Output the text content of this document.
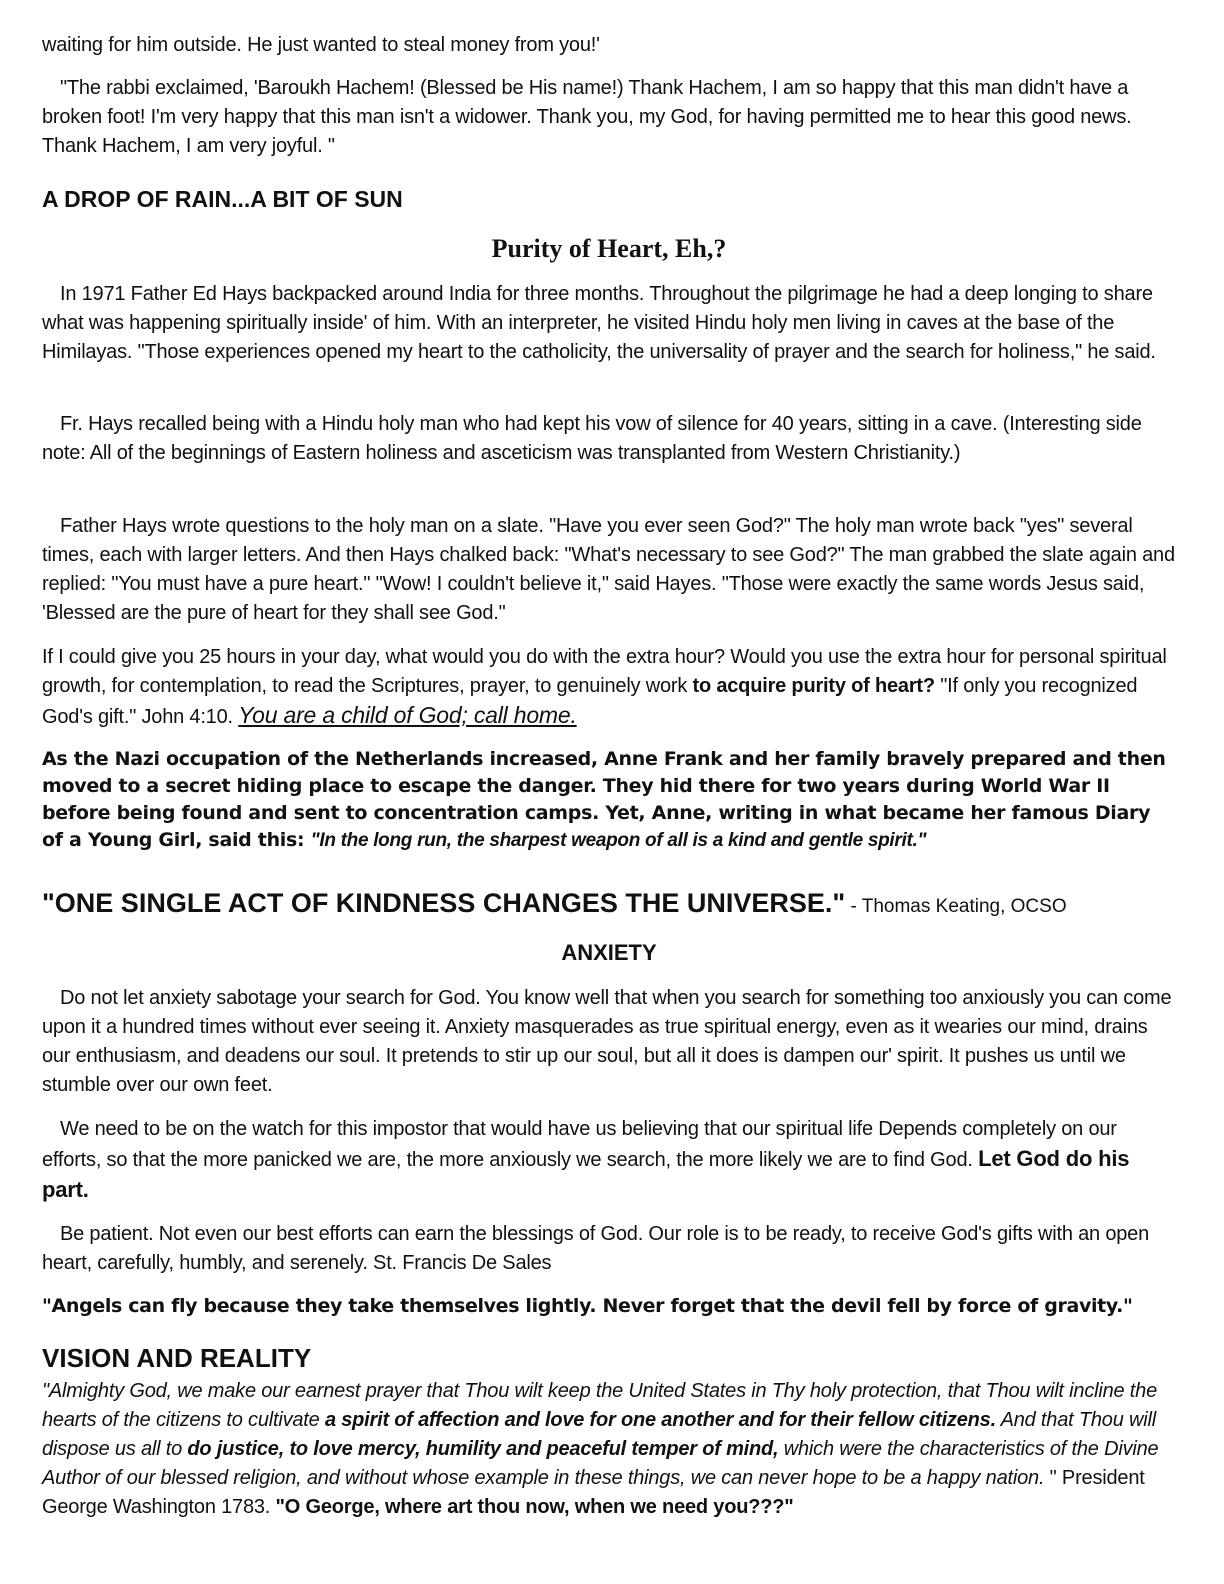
waiting for him outside. He just wanted to steal money from you!'

"The rabbi exclaimed, 'Baroukh Hachem! (Blessed be His name!) Thank Hachem, I am so happy that this man didn't have a broken foot! I'm very happy that this man isn't a widower. Thank you, my God, for having permitted me to hear this good news. Thank Hachem, I am very joyful. "

A DROP OF RAIN...A BIT OF SUN

Purity of Heart, Eh,?

In 1971 Father Ed Hays backpacked around India for three months. Throughout the pilgrimage he had a deep longing to share what was happening spiritually inside' of him. With an interpreter, he visited Hindu holy men living in caves at the base of the Himilayas. "Those experiences opened my heart to the catholicity, the universality of prayer and the search for holiness," he said.

Fr. Hays recalled being with a Hindu holy man who had kept his vow of silence for 40 years, sitting in a cave. (Interesting side note: All of the beginnings of Eastern holiness and asceticism was transplanted from Western Christianity.)

Father Hays wrote questions to the holy man on a slate. "Have you ever seen God?" The holy man wrote back "yes" several times, each with larger letters. And then Hays chalked back: "What's necessary to see God?" The man grabbed the slate again and replied: "You must have a pure heart." "Wow! I couldn't believe it," said Hayes. "Those were exactly the same words Jesus said, 'Blessed are the pure of heart for they shall see God."

If I could give you 25 hours in your day, what would you do with the extra hour? Would you use the extra hour for personal spiritual growth, for contemplation, to read the Scriptures, prayer, to genuinely work to acquire purity of heart? "If only you recognized God's gift." John 4:10. You are a child of God; call home.

As the Nazi occupation of the Netherlands increased, Anne Frank and her family bravely prepared and then moved to a secret hiding place to escape the danger. They hid there for two years during World War II before being found and sent to concentration camps. Yet, Anne, writing in what became her famous Diary of a Young Girl, said this: "In the long run, the sharpest weapon of all is a kind and gentle spirit."

"ONE SINGLE ACT OF KINDNESS CHANGES THE UNIVERSE." - Thomas Keating, OCSO

ANXIETY

Do not let anxiety sabotage your search for God. You know well that when you search for something too anxiously you can come upon it a hundred times without ever seeing it. Anxiety masquerades as true spiritual energy, even as it wearies our mind, drains our enthusiasm, and deadens our soul. It pretends to stir up our soul, but all it does is dampen our' spirit. It pushes us until we stumble over our own feet.

We need to be on the watch for this impostor that would have us believing that our spiritual life Depends completely on our efforts, so that the more panicked we are, the more anxiously we search, the more likely we are to find God. Let God do his part.

Be patient. Not even our best efforts can earn the blessings of God. Our role is to be ready, to receive God's gifts with an open heart, carefully, humbly, and serenely. St. Francis De Sales

"Angels can fly because they take themselves lightly. Never forget that the devil fell by force of gravity."

VISION AND REALITY

"Almighty God, we make our earnest prayer that Thou wilt keep the United States in Thy holy protection, that Thou wilt incline the hearts of the citizens to cultivate a spirit of affection and love for one another and for their fellow citizens. And that Thou will dispose us all to do justice, to love mercy, humility and peaceful temper of mind, which were the characteristics of the Divine Author of our blessed religion, and without whose example in these things, we can never hope to be a happy nation. " President George Washington 1783. "O George, where art thou now, when we need you???"
